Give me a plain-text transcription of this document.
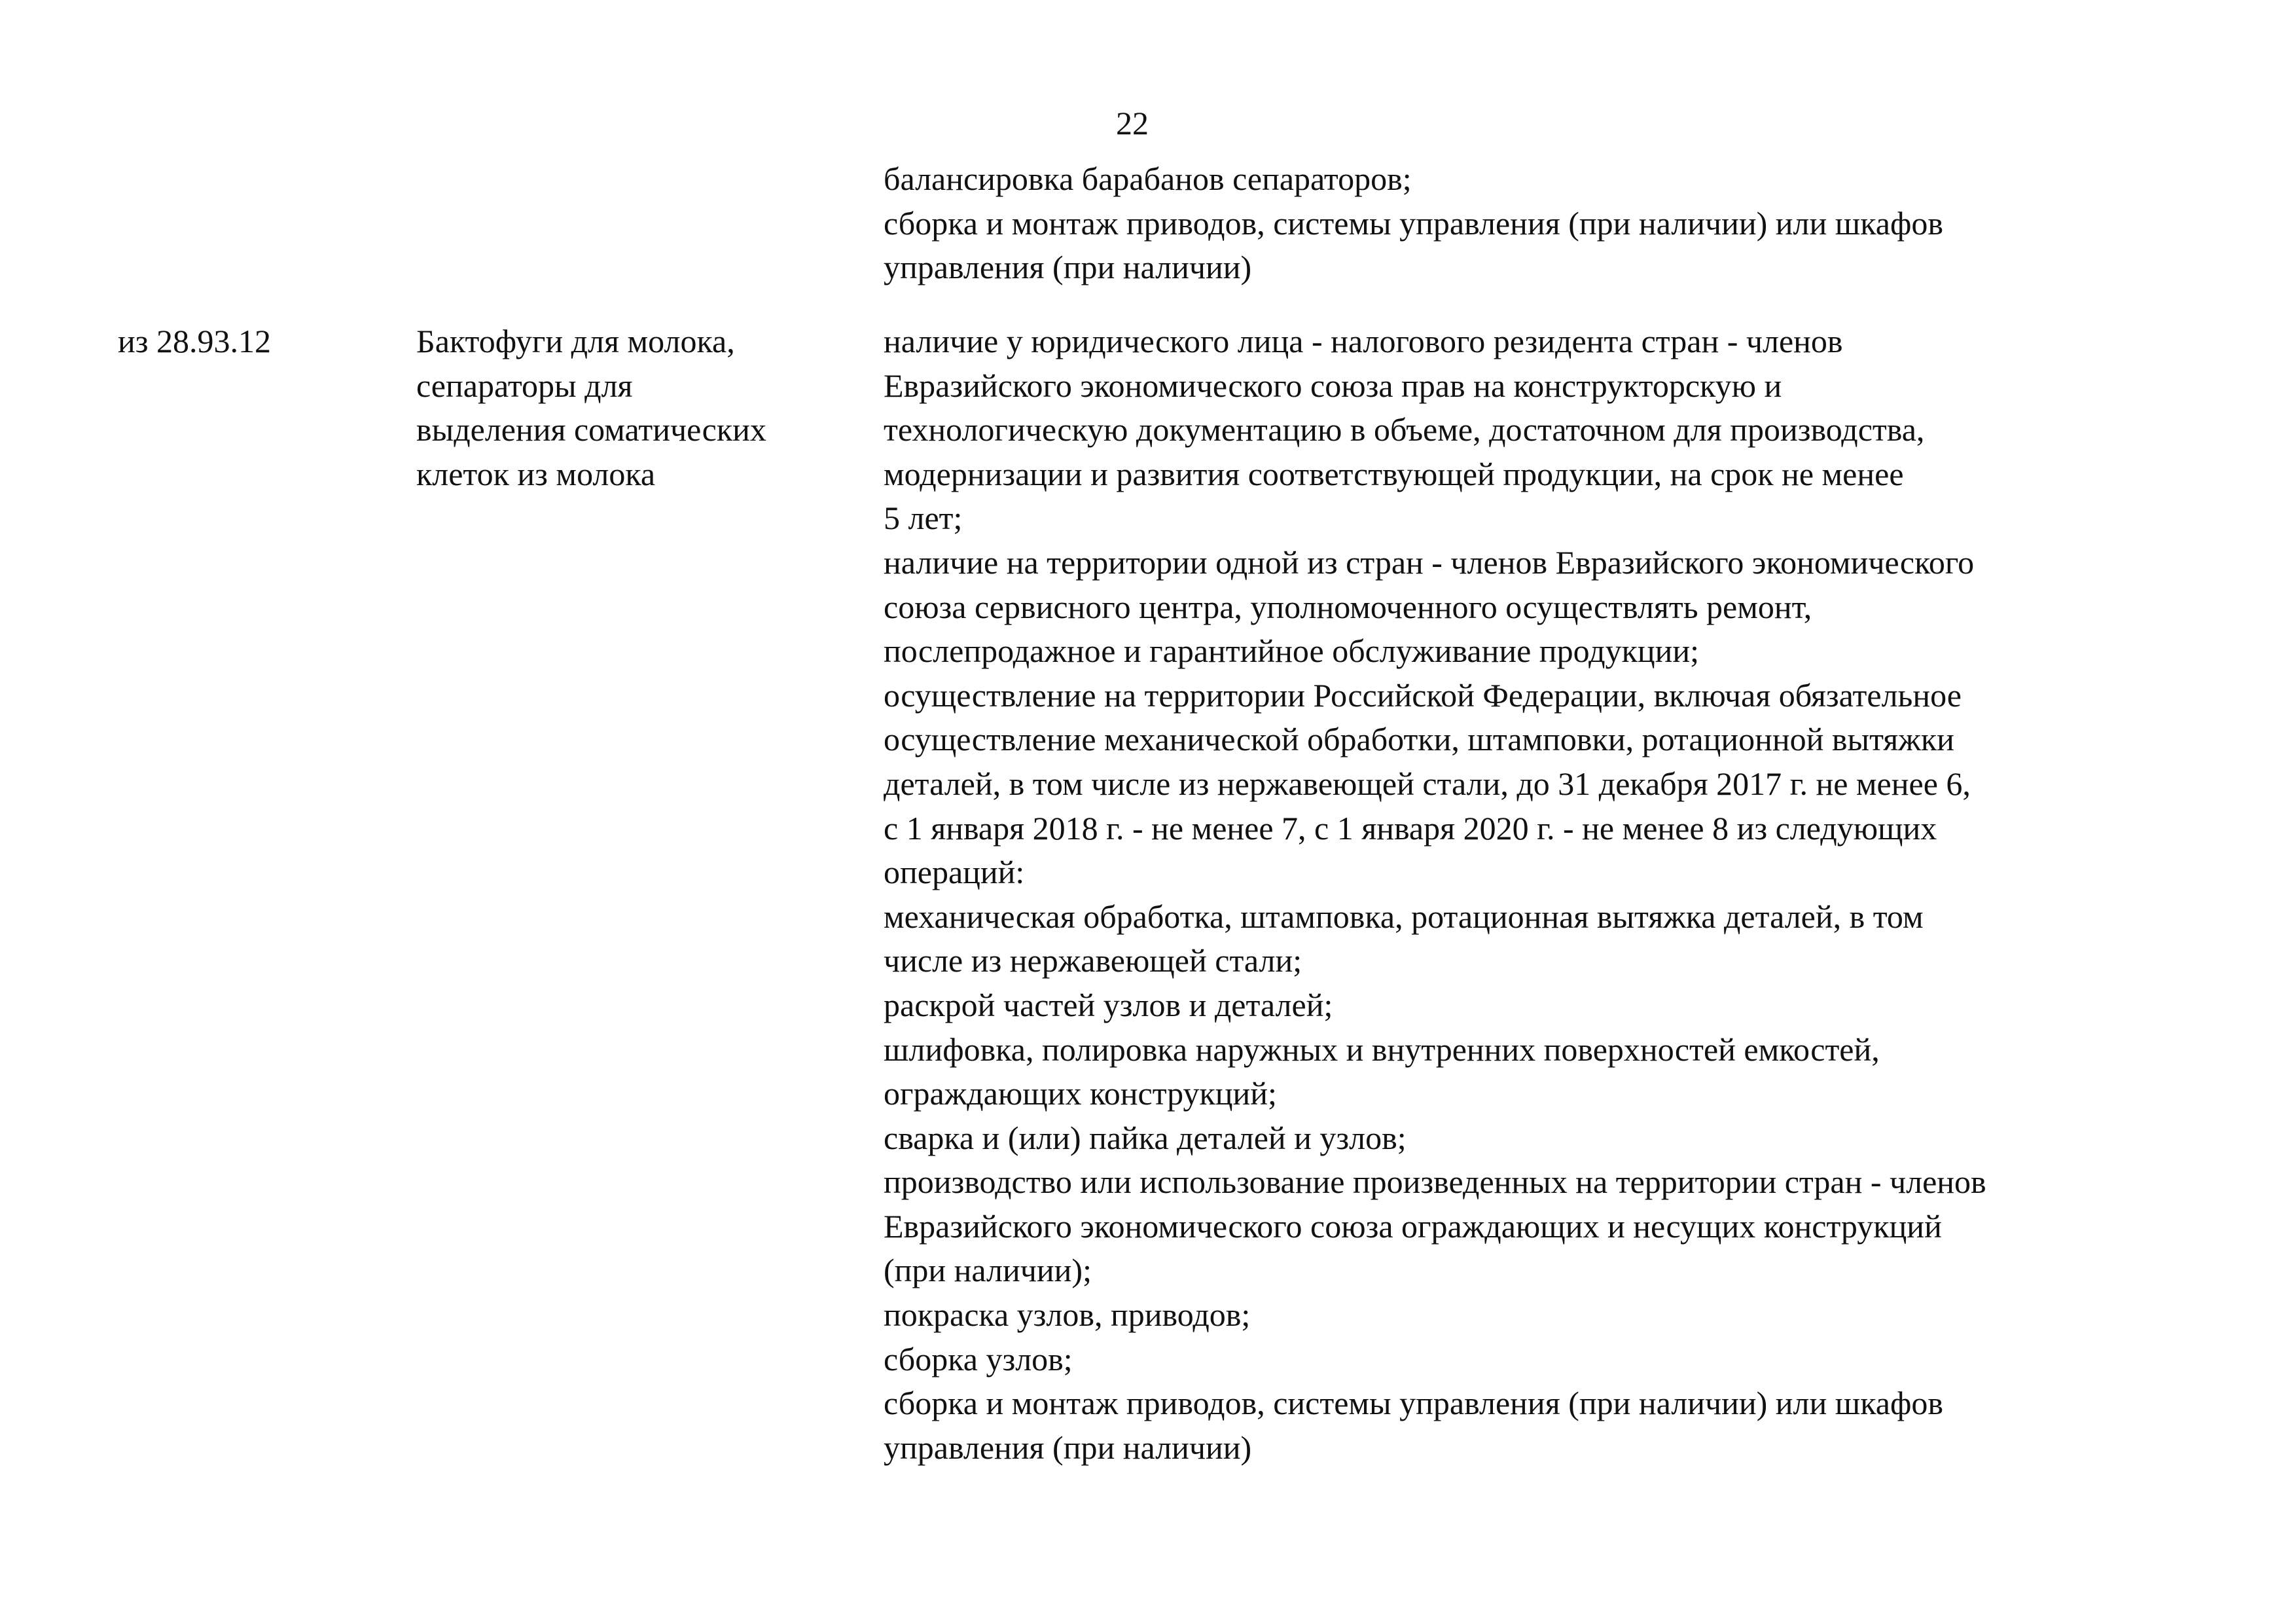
22
балансировка барабанов сепараторов;
сборка и монтаж приводов, системы управления (при наличии) или шкафов
управления (при наличии)
из 28.93.12	Бактофуги для молока,
сепараторы для
выделения соматических
клеток из молока
наличие у юридического лица - налогового резидента стран - членов
Евразийского экономического союза прав на конструкторскую и
технологическую документацию в объеме, достаточном для производства,
модернизации и развития соответствующей продукции, на срок не менее
5 лет;
наличие на территории одной из стран - членов Евразийского экономического
союза сервисного центра, уполномоченного осуществлять ремонт,
послепродажное и гарантийное обслуживание продукции;
осуществление на территории Российской Федерации, включая обязательное
осуществление механической обработки, штамповки, ротационной вытяжки
деталей, в том числе из нержавеющей стали, до 31 декабря 2017 г. не менее 6,
с 1 января 2018 г. - не менее 7, с 1 января 2020 г. - не менее 8 из следующих
операций:
механическая обработка, штамповка, ротационная вытяжка деталей, в том
числе из нержавеющей стали;
раскрой частей узлов и деталей;
шлифовка, полировка наружных и внутренних поверхностей емкостей,
ограждающих конструкций;
сварка и (или) пайка деталей и узлов;
производство или использование произведенных на территории стран - членов
Евразийского экономического союза ограждающих и несущих конструкций
(при наличии);
покраска узлов, приводов;
сборка узлов;
сборка и монтаж приводов, системы управления (при наличии) или шкафов
управления (при наличии)
